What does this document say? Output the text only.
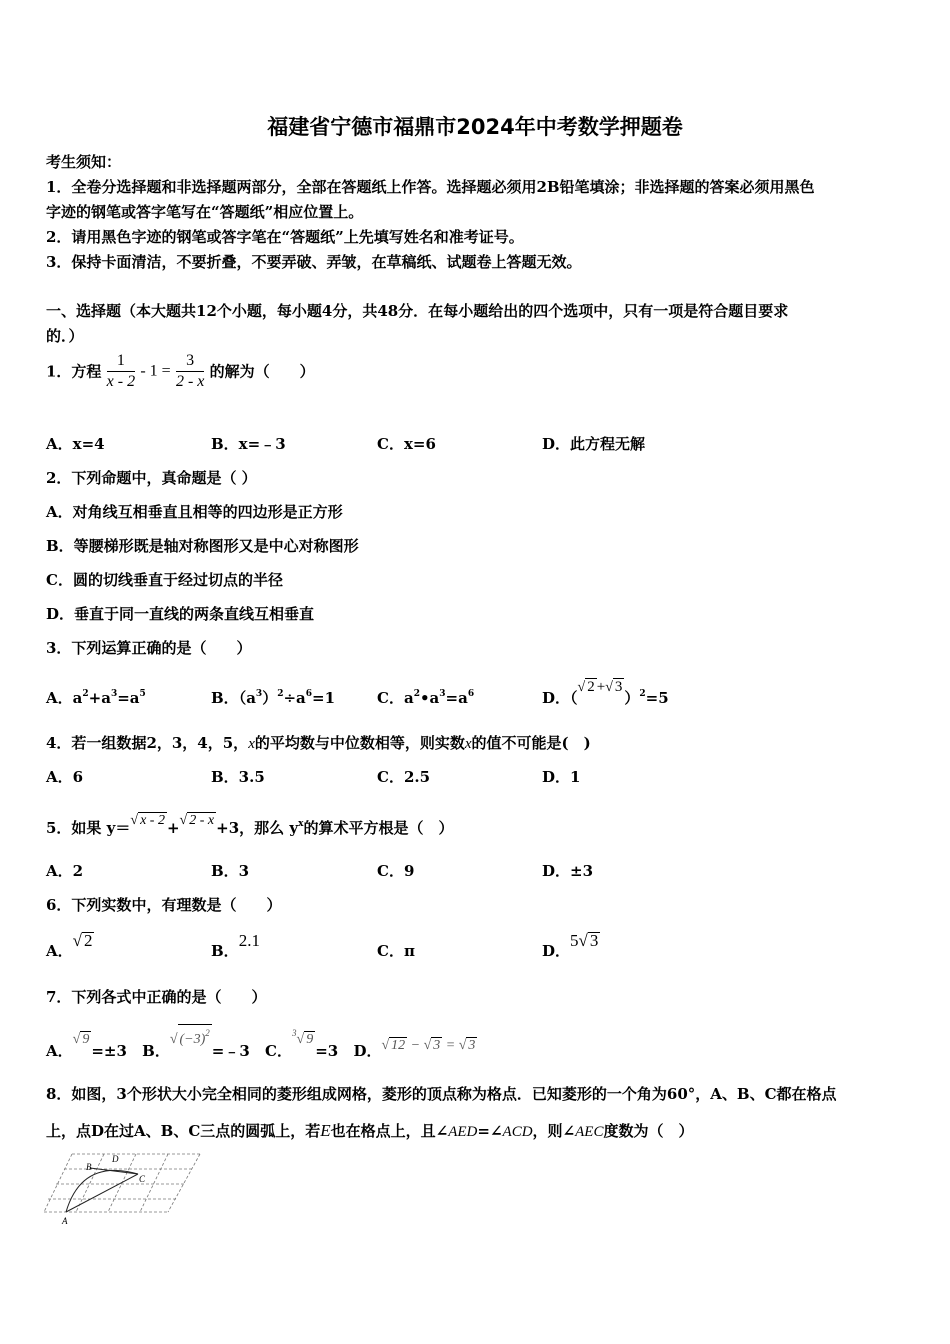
福建省宁德市福鼎市2024年中考数学押题卷
考生须知：
1．全卷分选择题和非选择题两部分，全部在答题纸上作答。选择题必须用2B铅笔填涂；非选择题的答案必须用黑色
字迹的钢笔或答字笔写在“答题纸”相应位置上。
2．请用黑色字迹的钢笔或答字笔在“答题纸”上先填写姓名和准考证号。
3．保持卡面清洁，不要折叠，不要弄破、弄皱，在草稿纸、试题卷上答题无效。
一、选择题（本大题共12个小题，每小题4分，共48分．在每小题给出的四个选项中，只有一项是符合题目要求
的．）
1．方程 $\frac{1}{x - 2} - 1 = \frac{3}{2 - x}$ 的解为（　　）
A．x=4	B．x=﹣3	C．x=6	D．此方程无解
2．下列命题中，真命题是（ ）
A．对角线互相垂直且相等的四边形是正方形
B．等腰梯形既是轴对称图形又是中心对称图形
C．圆的切线垂直于经过切点的半径
D．垂直于同一直线的两条直线互相垂直
3．下列运算正确的是（　　）
A．$a^2+a^3=a^5$	B．$(a^3)^2\div a^6=1$	C．$a^2•a^3=a^6$	D．（√ 2 +√ 3）$^2$=5
4．若一组数据2，3，4，5，x的平均数与中位数相等，则实数x的值不可能是(　)
A．6	B．3.5	C．2.5	D．1
5．如果 y＝√ x - 2 +√ 2 - x +3，那么 $y^x$的算术平方根是（　）
A．2	B．3	C．9	D．±3
6．下列实数中，有理数是（　　）
A．√ 2
B．2.1
C．π	D．5√ 3
7．下列各式中正确的是（　　）
A．√ 9=±3 B．√ $(-3)^2=﹣3$ C．$^3$√ 9=3 D．√ 12 − √ 3 = √ 3
8．如图，3个形状大小完全相同的菱形组成网格，菱形的顶点称为格点．已知菱形的一个角为60°，A、B、C都在格点
上，点D在过A、B、C三点的圆弧上，若E也在格点上，且∠AED=∠ACD，则∠AEC度数为（　）
B
D
C
A
